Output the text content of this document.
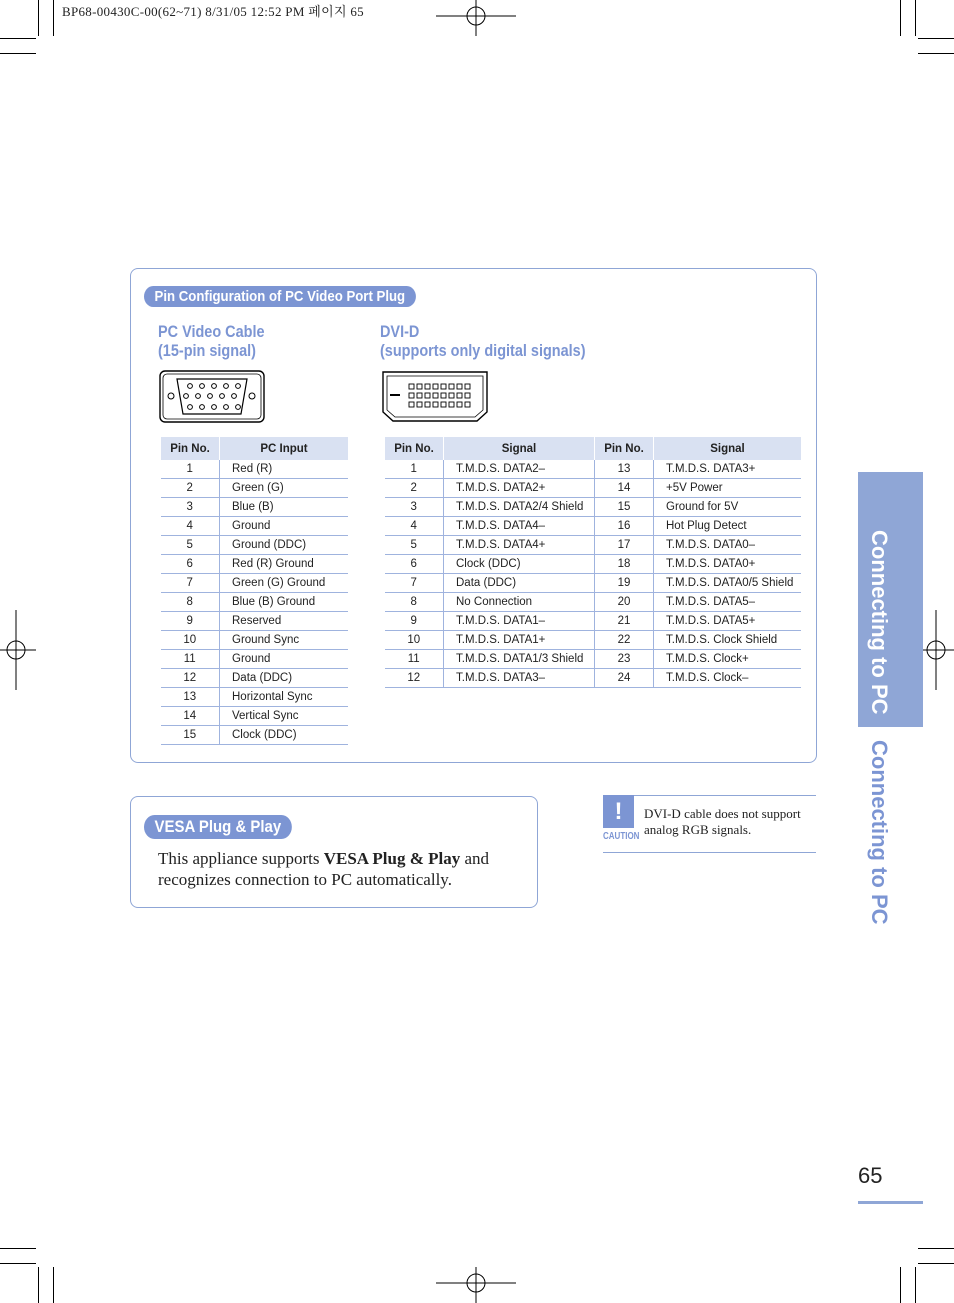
BP68-00430C-00(62~71) 8/31/05 12:52 PM 페이지 65
Pin Configuration of PC Video Port Plug
PC Video Cable
(15-pin signal)
Pin No.	PC Input
1	Red (R)
2	Green (G)
3	Blue (B)
4	Ground
5	Ground (DDC)
6	Red (R) Ground
7	Green (G) Ground
8	Blue (B) Ground
9	Reserved
10	Ground Sync
11	Ground
12	Data (DDC)
13	Horizontal Sync
14	Vertical Sync
15	Clock (DDC)
DVI-D
(supports only digital signals)
Pin No.	Signal	Pin No.	Signal
1	T.M.D.S. DATA2–	13	T.M.D.S. DATA3+
2	T.M.D.S. DATA2+	14	+5V Power
3	T.M.D.S. DATA2/4 Shield	15	Ground for 5V
4	T.M.D.S. DATA4–	16	Hot Plug Detect
5	T.M.D.S. DATA4+	17	T.M.D.S. DATA0–
6	Clock (DDC)	18	T.M.D.S. DATA0+
7	Data (DDC)	19	T.M.D.S. DATA0/5 Shield
8	No Connection	20	T.M.D.S. DATA5–
9	T.M.D.S. DATA1–	21	T.M.D.S. DATA5+
10	T.M.D.S. DATA1+	22	T.M.D.S. Clock Shield
11	T.M.D.S. DATA1/3 Shield	23	T.M.D.S. Clock+
12	T.M.D.S. DATA3–	24	T.M.D.S. Clock–
VESA Plug & Play
This appliance supports VESA Plug & Play and recognizes connection to PC automatically.
!
CAUTION
DVI-D cable does not support analog RGB signals.
Connecting to PC
Connecting to PC
65
